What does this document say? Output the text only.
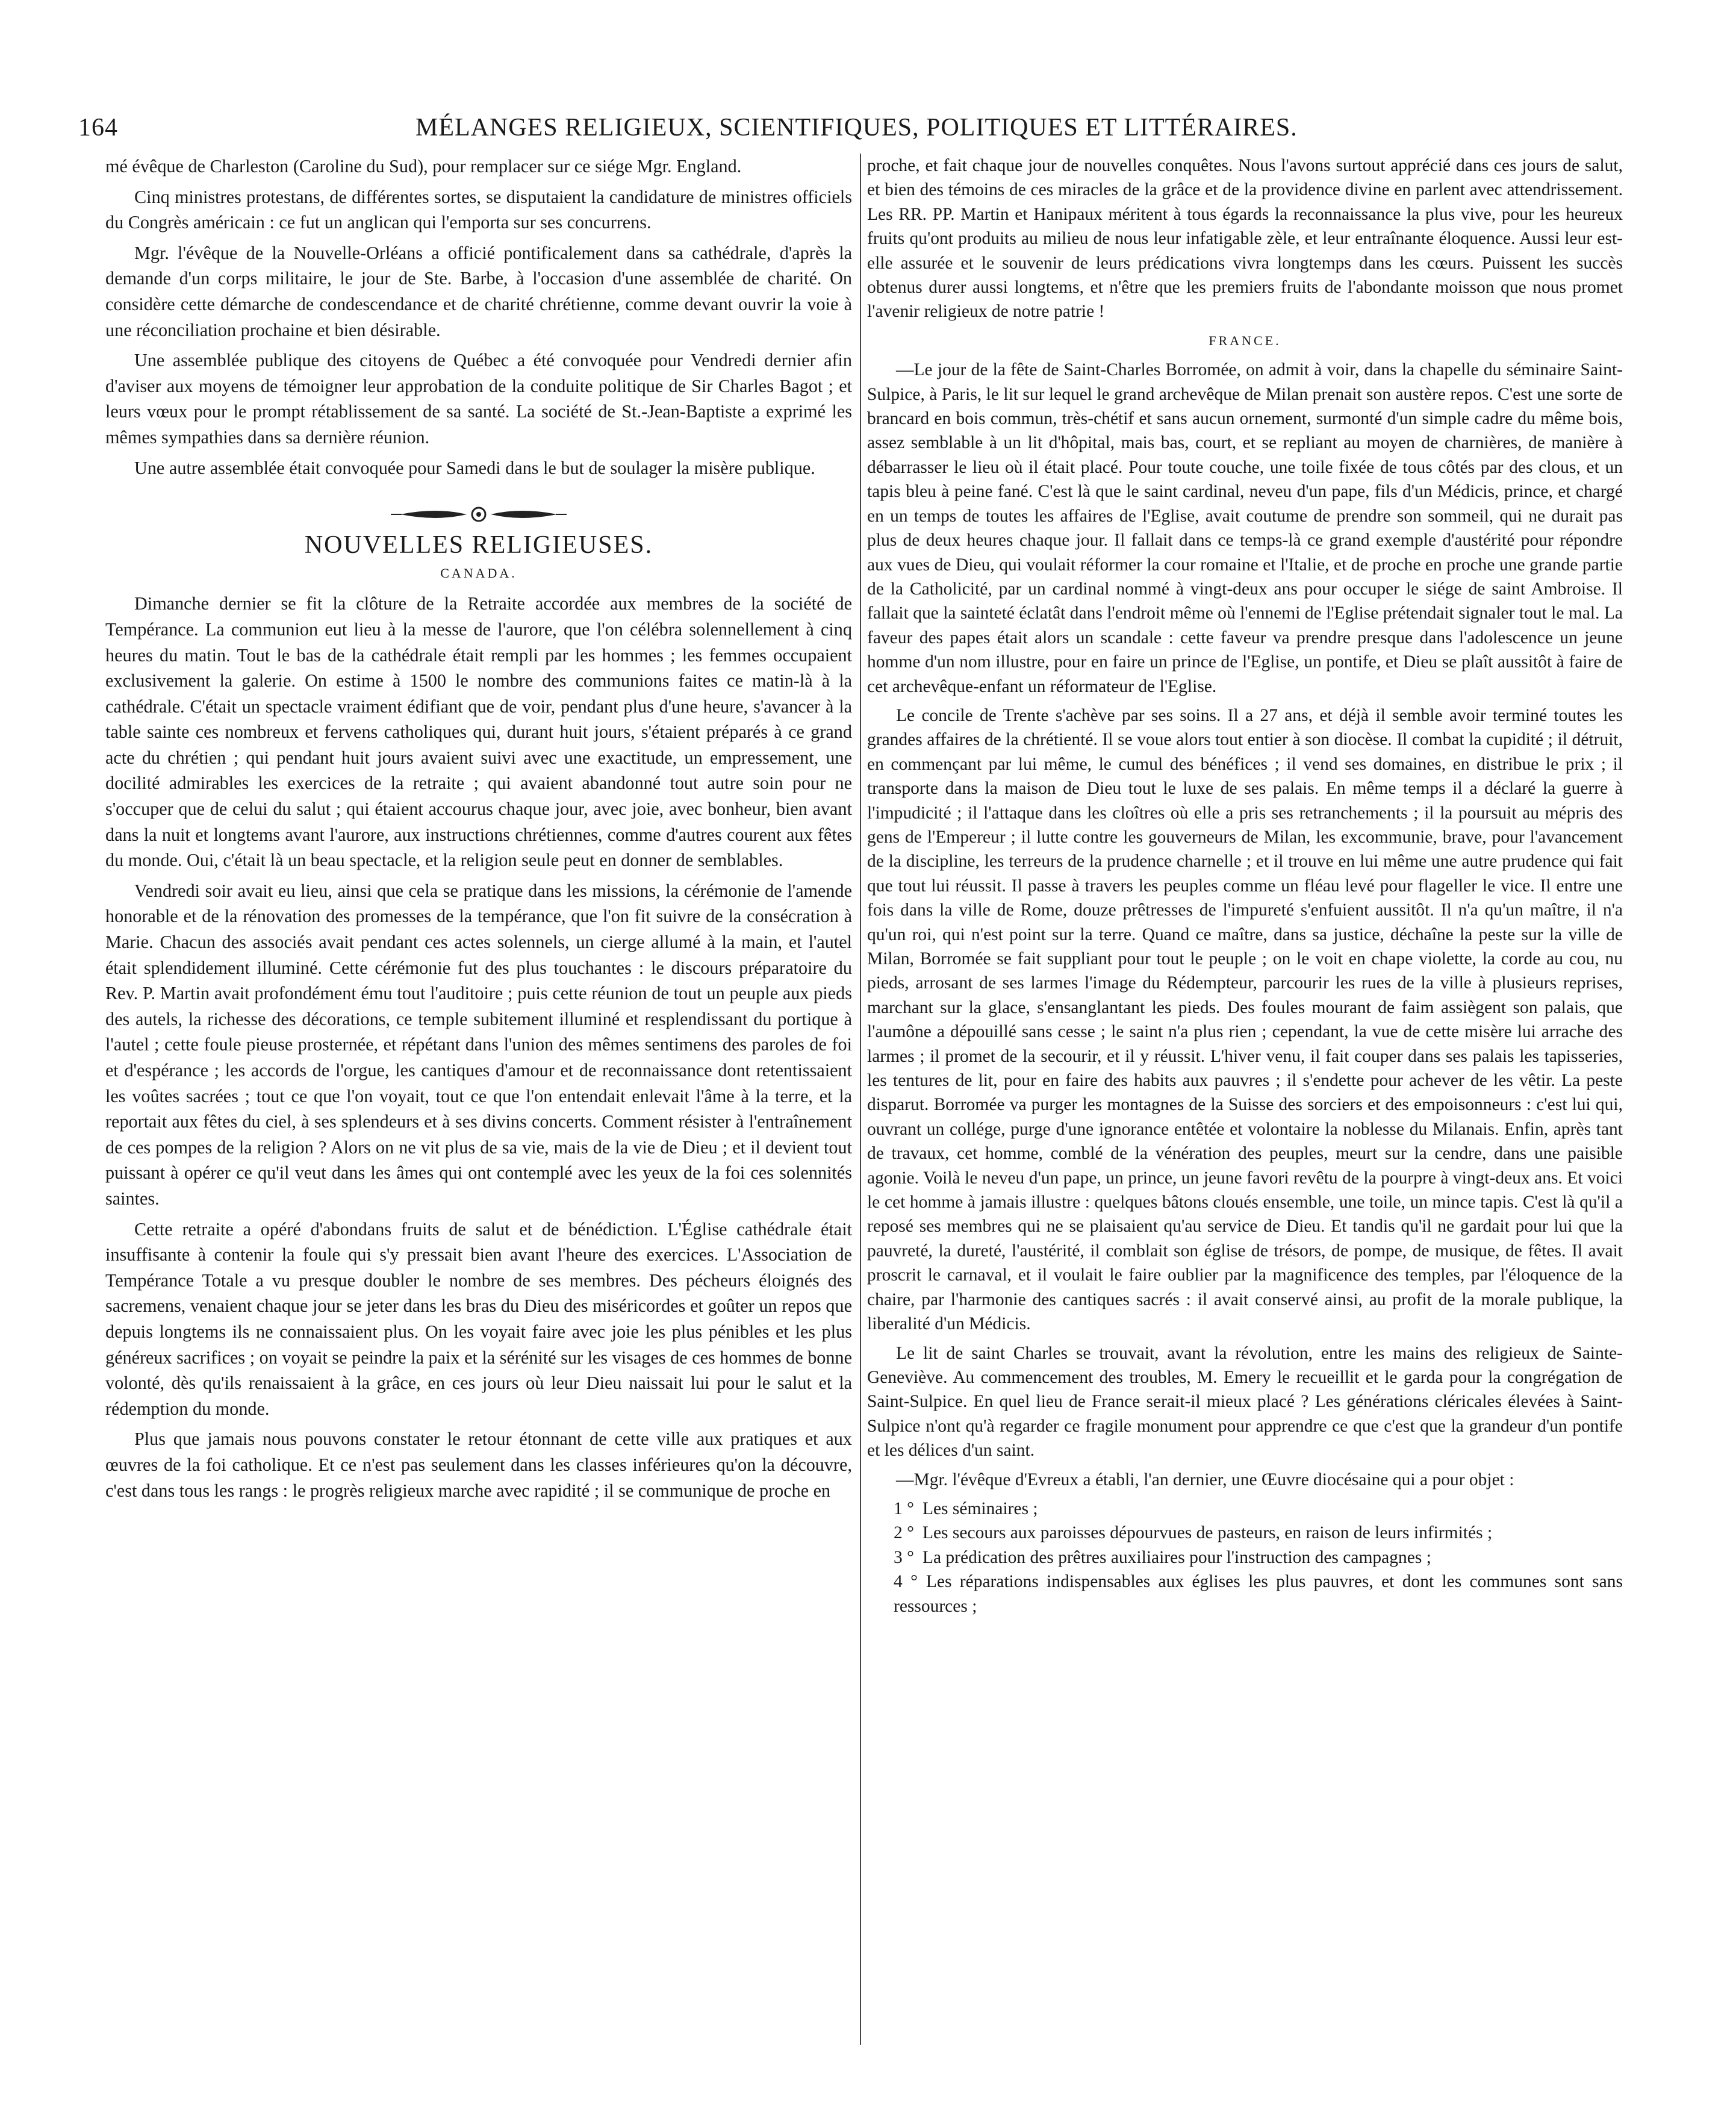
164	MÉLANGES RELIGIEUX, SCIENTIFIQUES, POLITIQUES ET LITTÉRAIRES.

mé évêque de Charleston (Caroline du Sud), pour remplacer sur ce siége Mgr. England.

Cinq ministres protestans, de différentes sortes, se disputaient la candidature de ministres officiels du Congrès américain : ce fut un anglican qui l'emporta sur ses concurrens.

Mgr. l'évêque de la Nouvelle-Orléans a officié pontificalement dans sa cathédrale, d'après la demande d'un corps militaire, le jour de Ste. Barbe, à l'occasion d'une assemblée de charité. On considère cette démarche de condescendance et de charité chrétienne, comme devant ouvrir la voie à une réconciliation prochaine et bien désirable.

Une assemblée publique des citoyens de Québec a été convoquée pour Vendredi dernier afin d'aviser aux moyens de témoigner leur approbation de la conduite politique de Sir Charles Bagot ; et leurs vœux pour le prompt rétablissement de sa santé. La société de St.-Jean-Baptiste a exprimé les mêmes sympathies dans sa dernière réunion.

Une autre assemblée était convoquée pour Samedi dans le but de soulager la misère publique.

NOUVELLES RELIGIEUSES.
CANADA.

Dimanche dernier se fit la clôture de la Retraite accordée aux membres de la société de Tempérance. La communion eut lieu à la messe de l'aurore, que l'on célébra solennellement à cinq heures du matin. Tout le bas de la cathédrale était rempli par les hommes ; les femmes occupaient exclusivement la galerie. On estime à 1500 le nombre des communions faites ce matin-là à la cathédrale. C'était un spectacle vraiment édifiant que de voir, pendant plus d'une heure, s'avancer à la table sainte ces nombreux et fervens catholiques qui, durant huit jours, s'étaient préparés à ce grand acte du chrétien ; qui pendant huit jours avaient suivi avec une exactitude, un empressement, une docilité admirables les exercices de la retraite ; qui avaient abandonné tout autre soin pour ne s'occuper que de celui du salut ; qui étaient accourus chaque jour, avec joie, avec bonheur, bien avant dans la nuit et longtems avant l'aurore, aux instructions chrétiennes, comme d'autres courent aux fêtes du monde. Oui, c'était là un beau spectacle, et la religion seule peut en donner de semblables.

Vendredi soir avait eu lieu, ainsi que cela se pratique dans les missions, la cérémonie de l'amende honorable et de la rénovation des promesses de la tempérance, que l'on fit suivre de la consécration à Marie. Chacun des associés avait pendant ces actes solennels, un cierge allumé à la main, et l'autel était splendidement illuminé. Cette cérémonie fut des plus touchantes : le discours préparatoire du Rev. P. Martin avait profondément ému tout l'auditoire ; puis cette réunion de tout un peuple aux pieds des autels, la richesse des décorations, ce temple subitement illuminé et resplendissant du portique à l'autel ; cette foule pieuse prosternée, et répétant dans l'union des mêmes sentimens des paroles de foi et d'espérance ; les accords de l'orgue, les cantiques d'amour et de reconnaissance dont retentissaient les voûtes sacrées ; tout ce que l'on voyait, tout ce que l'on entendait enlevait l'âme à la terre, et la reportait aux fêtes du ciel, à ses splendeurs et à ses divins concerts. Comment résister à l'entraînement de ces pompes de la religion ? Alors on ne vit plus de sa vie, mais de la vie de Dieu ; et il devient tout puissant à opérer ce qu'il veut dans les âmes qui ont contemplé avec les yeux de la foi ces solennités saintes.

Cette retraite a opéré d'abondans fruits de salut et de bénédiction. L'Église cathédrale était insuffisante à contenir la foule qui s'y pressait bien avant l'heure des exercices. L'Association de Tempérance Totale a vu presque doubler le nombre de ses membres. Des pécheurs éloignés des sacremens, venaient chaque jour se jeter dans les bras du Dieu des miséricordes et goûter un repos que depuis longtems ils ne connaissaient plus. On les voyait faire avec joie les plus pénibles et les plus généreux sacrifices ; on voyait se peindre la paix et la sérénité sur les visages de ces hommes de bonne volonté, dès qu'ils renaissaient à la grâce, en ces jours où leur Dieu naissait lui pour le salut et la rédemption du monde.

Plus que jamais nous pouvons constater le retour étonnant de cette ville aux pratiques et aux œuvres de la foi catholique. Et ce n'est pas seulement dans les classes inférieures qu'on la découvre, c'est dans tous les rangs : le progrès religieux marche avec rapidité ; il se communique de proche en

proche, et fait chaque jour de nouvelles conquêtes. Nous l'avons surtout apprécié dans ces jours de salut, et bien des témoins de ces miracles de la grâce et de la providence divine en parlent avec attendrissement. Les RR. PP. Martin et Hanipaux méritent à tous égards la reconnaissance la plus vive, pour les heureux fruits qu'ont produits au milieu de nous leur infatigable zèle, et leur entraînante éloquence. Aussi leur est-elle assurée et le souvenir de leurs prédications vivra longtemps dans les cœurs. Puissent les succès obtenus durer aussi longtems, et n'être que les premiers fruits de l'abondante moisson que nous promet l'avenir religieux de notre patrie !

FRANCE.

—Le jour de la fête de Saint-Charles Borromée, on admit à voir, dans la chapelle du séminaire Saint-Sulpice, à Paris, le lit sur lequel le grand archevêque de Milan prenait son austère repos. C'est une sorte de brancard en bois commun, très-chétif et sans aucun ornement, surmonté d'un simple cadre du même bois, assez semblable à un lit d'hôpital, mais bas, court, et se repliant au moyen de charnières, de manière à débarrasser le lieu où il était placé. Pour toute couche, une toile fixée de tous côtés par des clous, et un tapis bleu à peine fané. C'est là que le saint cardinal, neveu d'un pape, fils d'un Médicis, prince, et chargé en un temps de toutes les affaires de l'Eglise, avait coutume de prendre son sommeil, qui ne durait pas plus de deux heures chaque jour. Il fallait dans ce temps-là ce grand exemple d'austérité pour répondre aux vues de Dieu, qui voulait réformer la cour romaine et l'Italie, et de proche en proche une grande partie de la Catholicité, par un cardinal nommé à vingt-deux ans pour occuper le siége de saint Ambroise. Il fallait que la sainteté éclatât dans l'endroit même où l'ennemi de l'Eglise prétendait signaler tout le mal. La faveur des papes était alors un scandale : cette faveur va prendre presque dans l'adolescence un jeune homme d'un nom illustre, pour en faire un prince de l'Eglise, un pontife, et Dieu se plaît aussitôt à faire de cet archevêque-enfant un réformateur de l'Eglise.

Le concile de Trente s'achève par ses soins. Il a 27 ans, et déjà il semble avoir terminé toutes les grandes affaires de la chrétienté. Il se voue alors tout entier à son diocèse. Il combat la cupidité ; il détruit, en commençant par lui même, le cumul des bénéfices ; il vend ses domaines, en distribue le prix ; il transporte dans la maison de Dieu tout le luxe de ses palais. En même temps il a déclaré la guerre à l'impudicité ; il l'attaque dans les cloîtres où elle a pris ses retranchements ; il la poursuit au mépris des gens de l'Empereur ; il lutte contre les gouverneurs de Milan, les excommunie, brave, pour l'avancement de la discipline, les terreurs de la prudence charnelle ; et il trouve en lui même une autre prudence qui fait que tout lui réussit. Il passe à travers les peuples comme un fléau levé pour flageller le vice. Il entre une fois dans la ville de Rome, douze prêtresses de l'impureté s'enfuient aussitôt. Il n'a qu'un maître, il n'a qu'un roi, qui n'est point sur la terre. Quand ce maître, dans sa justice, déchaîne la peste sur la ville de Milan, Borromée se fait suppliant pour tout le peuple ; on le voit en chape violette, la corde au cou, nu pieds, arrosant de ses larmes l'image du Rédempteur, parcourir les rues de la ville à plusieurs reprises, marchant sur la glace, s'ensanglantant les pieds. Des foules mourant de faim assiègent son palais, que l'aumône a dépouillé sans cesse ; le saint n'a plus rien ; cependant, la vue de cette misère lui arrache des larmes ; il promet de la secourir, et il y réussit. L'hiver venu, il fait couper dans ses palais les tapisseries, les tentures de lit, pour en faire des habits aux pauvres ; il s'endette pour achever de les vêtir. La peste disparut. Borromée va purger les montagnes de la Suisse des sorciers et des empoisonneurs : c'est lui qui, ouvrant un collége, purge d'une ignorance entêtée et volontaire la noblesse du Milanais. Enfin, après tant de travaux, cet homme, comblé de la vénération des peuples, meurt sur la cendre, dans une paisible agonie. Voilà le neveu d'un pape, un prince, un jeune favori revêtu de la pourpre à vingt-deux ans. Et voici le cet homme à jamais illustre : quelques bâtons cloués ensemble, une toile, un mince tapis. C'est là qu'il a reposé ses membres qui ne se plaisaient qu'au service de Dieu. Et tandis qu'il ne gardait pour lui que la pauvreté, la dureté, l'austérité, il comblait son église de trésors, de pompe, de musique, de fêtes. Il avait proscrit le carnaval, et il voulait le faire oublier par la magnificence des temples, par l'éloquence de la chaire, par l'harmonie des cantiques sacrés : il avait conservé ainsi, au profit de la morale publique, la liberalité d'un Médicis.

Le lit de saint Charles se trouvait, avant la révolution, entre les mains des religieux de Sainte-Geneviève. Au commencement des troubles, M. Emery le recueillit et le garda pour la congrégation de Saint-Sulpice. En quel lieu de France serait-il mieux placé ? Les générations cléricales élevées à Saint-Sulpice n'ont qu'à regarder ce fragile monument pour apprendre ce que c'est que la grandeur d'un pontife et les délices d'un saint.

—Mgr. l'évêque d'Evreux a établi, l'an dernier, une Œuvre diocésaine qui a pour objet :

1 ° Les séminaires ;
2 ° Les secours aux paroisses dépourvues de pasteurs, en raison de leurs infirmités ;
3 ° La prédication des prêtres auxiliaires pour l'instruction des campagnes ;
4 ° Les réparations indispensables aux églises les plus pauvres, et dont les communes sont sans ressources ;
